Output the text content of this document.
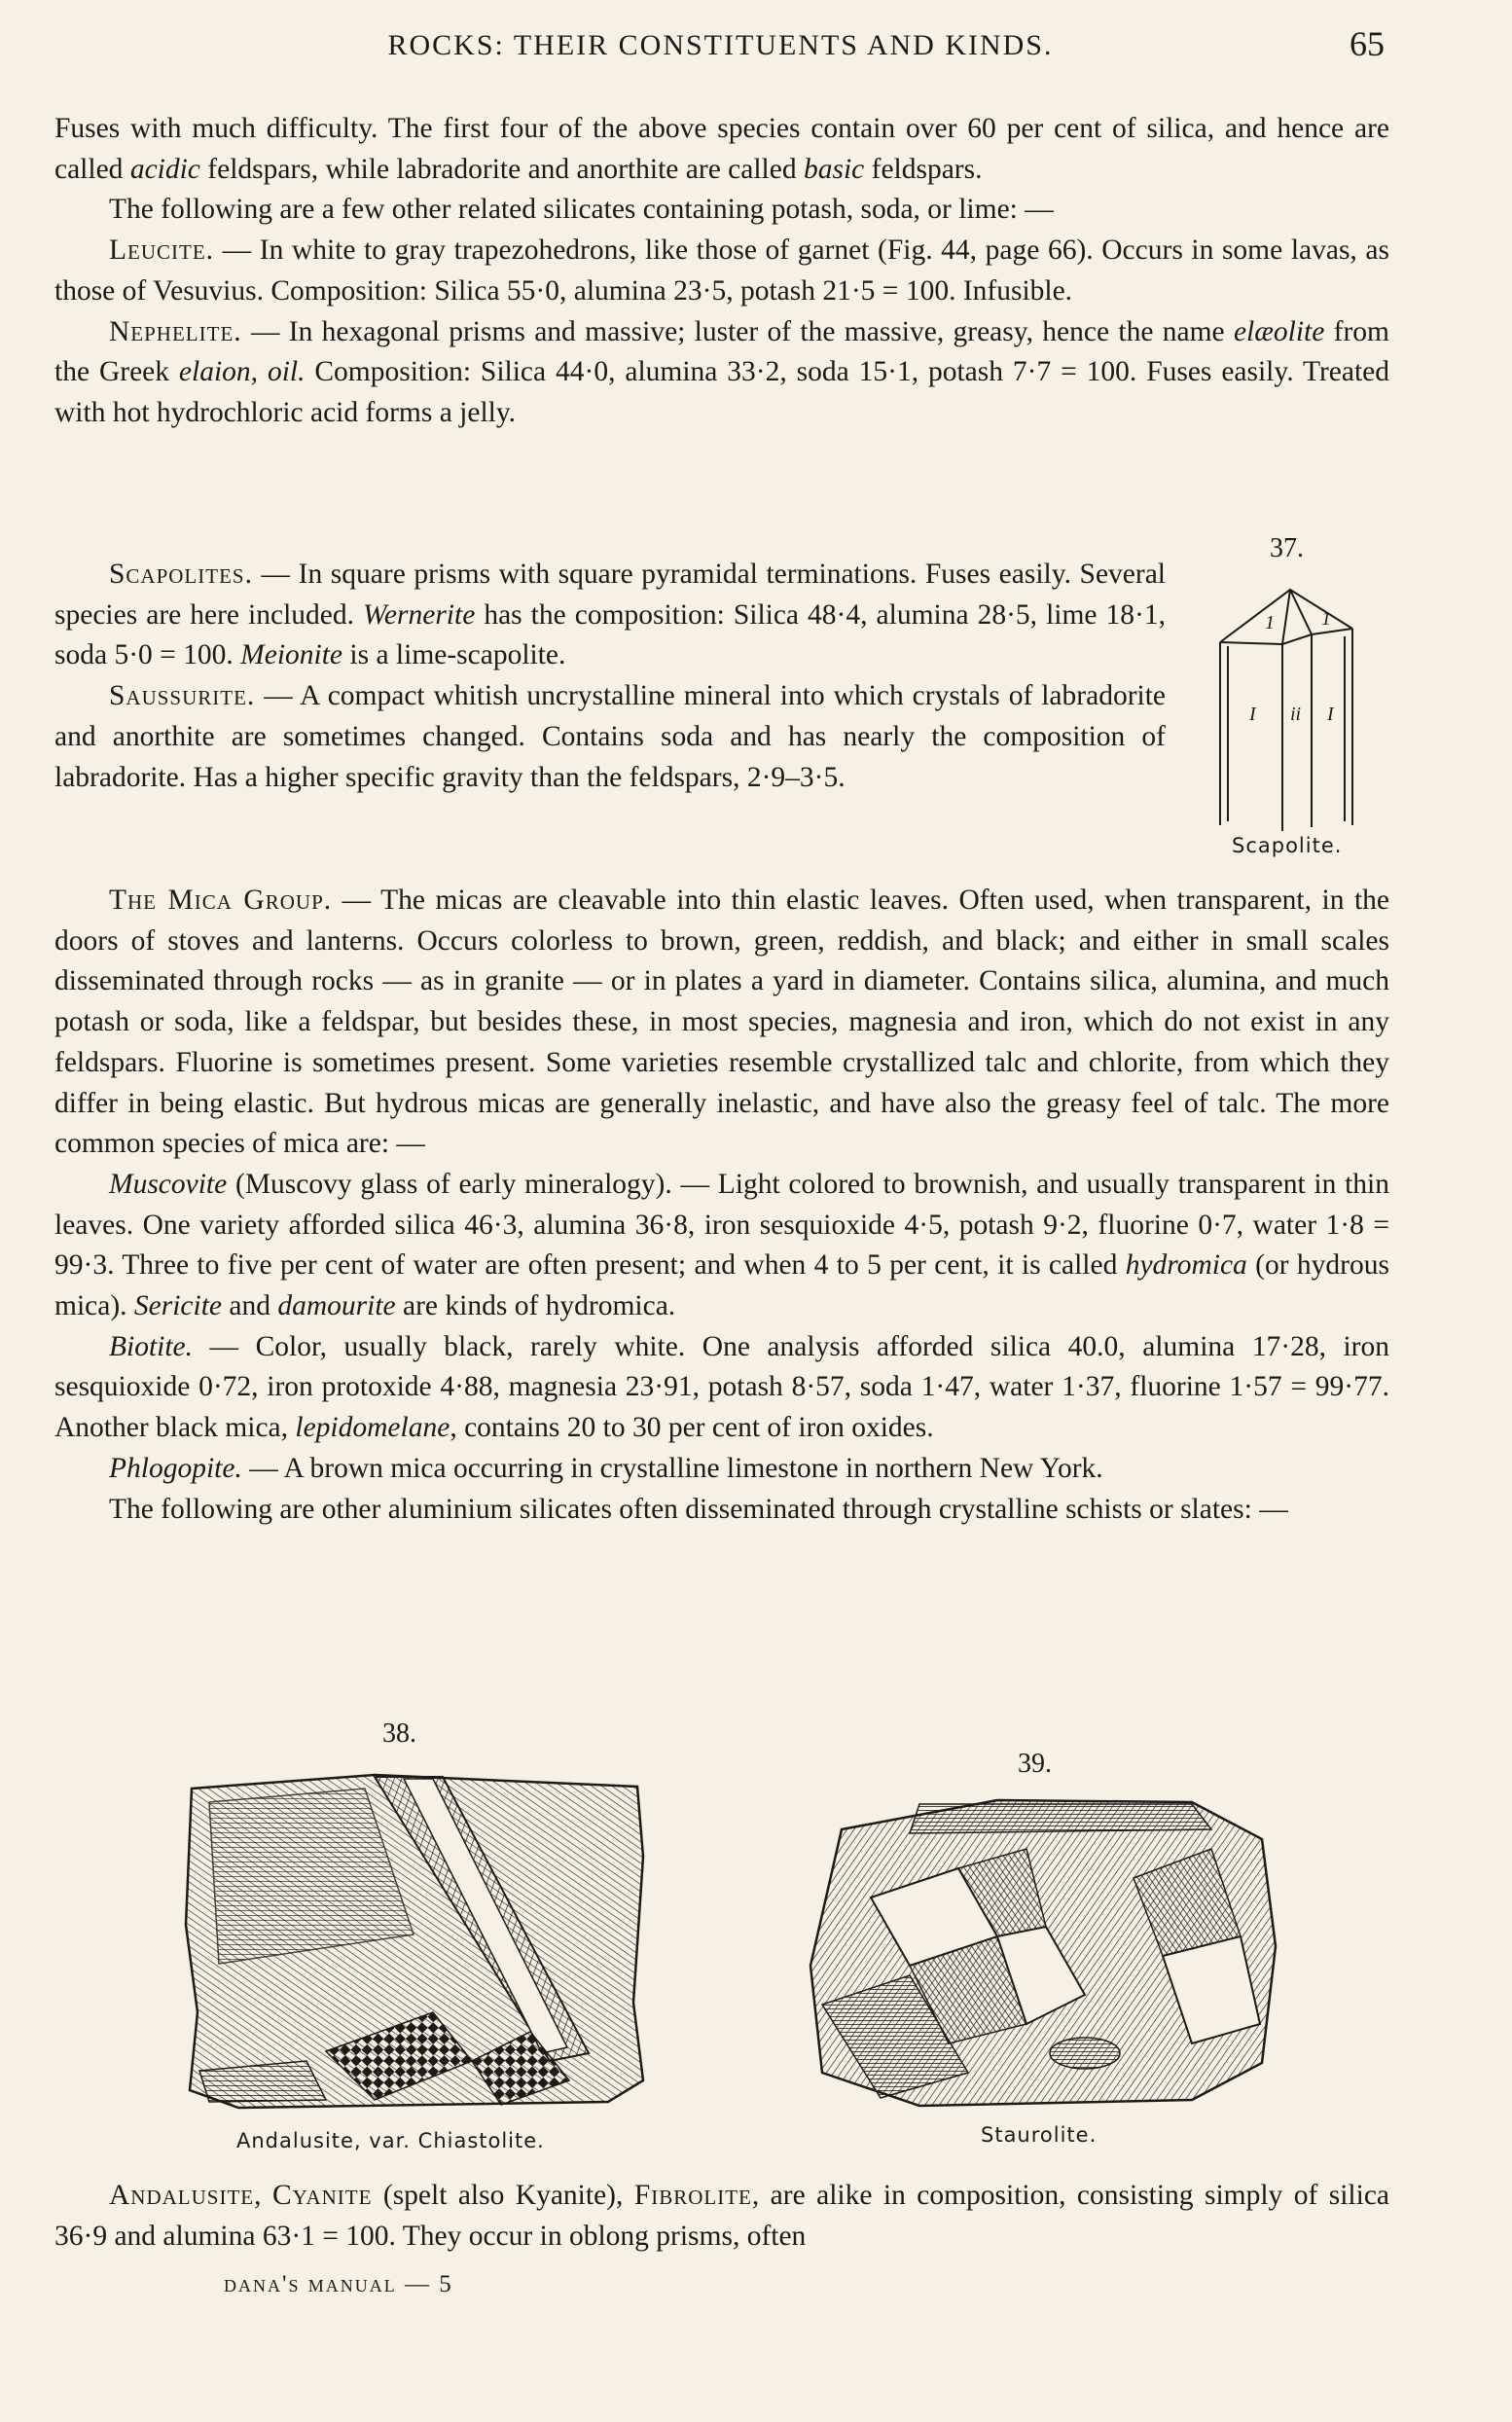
ROCKS: THEIR CONSTITUENTS AND KINDS.	65

Fuses with much difficulty. The first four of the above species contain over 60 per cent of silica, and hence are called acidic feldspars, while labradorite and anorthite are called basic feldspars.

The following are a few other related silicates containing potash, soda, or lime: —

Leucite. — In white to gray trapezohedrons, like those of garnet (Fig. 44, page 66). Occurs in some lavas, as those of Vesuvius. Composition: Silica 55·0, alumina 23·5, potash 21·5 = 100. Infusible.

Nephelite. — In hexagonal prisms and massive; luster of the massive, greasy, hence the name elæolite from the Greek elaion, oil. Composition: Silica 44·0, alumina 33·2, soda 15·1, potash 7·7 = 100. Fuses easily. Treated with hot hydrochloric acid forms a jelly.

Scapolites. — In square prisms with square pyramidal terminations. Fuses easily. Several species are here included. Wernerite has the composition: Silica 48·4, alumina 28·5, lime 18·1, soda 5·0 = 100. Meionite is a lime-scapolite.

Saussurite. — A compact whitish uncrystalline mineral into which crystals of labradorite and anorthite are sometimes changed. Contains soda and has nearly the composition of labradorite. Has a higher specific gravity than the feldspars, 2·9–3·5.

37.
1 1
I ii I
Scapolite.

The Mica Group. — The micas are cleavable into thin elastic leaves. Often used, when transparent, in the doors of stoves and lanterns. Occurs colorless to brown, green, reddish, and black; and either in small scales disseminated through rocks — as in granite — or in plates a yard in diameter. Contains silica, alumina, and much potash or soda, like a feldspar, but besides these, in most species, magnesia and iron, which do not exist in any feldspars. Fluorine is sometimes present. Some varieties resemble crystallized talc and chlorite, from which they differ in being elastic. But hydrous micas are generally inelastic, and have also the greasy feel of talc. The more common species of mica are: —

Muscovite (Muscovy glass of early mineralogy). — Light colored to brownish, and usually transparent in thin leaves. One variety afforded silica 46·3, alumina 36·8, iron sesquioxide 4·5, potash 9·2, fluorine 0·7, water 1·8 = 99·3. Three to five per cent of water are often present; and when 4 to 5 per cent, it is called hydromica (or hydrous mica). Sericite and damourite are kinds of hydromica.

Biotite. — Color, usually black, rarely white. One analysis afforded silica 40.0, alumina 17·28, iron sesquioxide 0·72, iron protoxide 4·88, magnesia 23·91, potash 8·57, soda 1·47, water 1·37, fluorine 1·57 = 99·77. Another black mica, lepidomelane, contains 20 to 30 per cent of iron oxides.

Phlogopite. — A brown mica occurring in crystalline limestone in northern New York.

The following are other aluminium silicates often disseminated through crystalline schists or slates: —

38.
Andalusite, var. Chiastolite.
39.
Staurolite.

Andalusite, Cyanite (spelt also Kyanite), Fibrolite, are alike in composition, consisting simply of silica 36·9 and alumina 63·1 = 100. They occur in oblong prisms, often

dana's manual — 5
